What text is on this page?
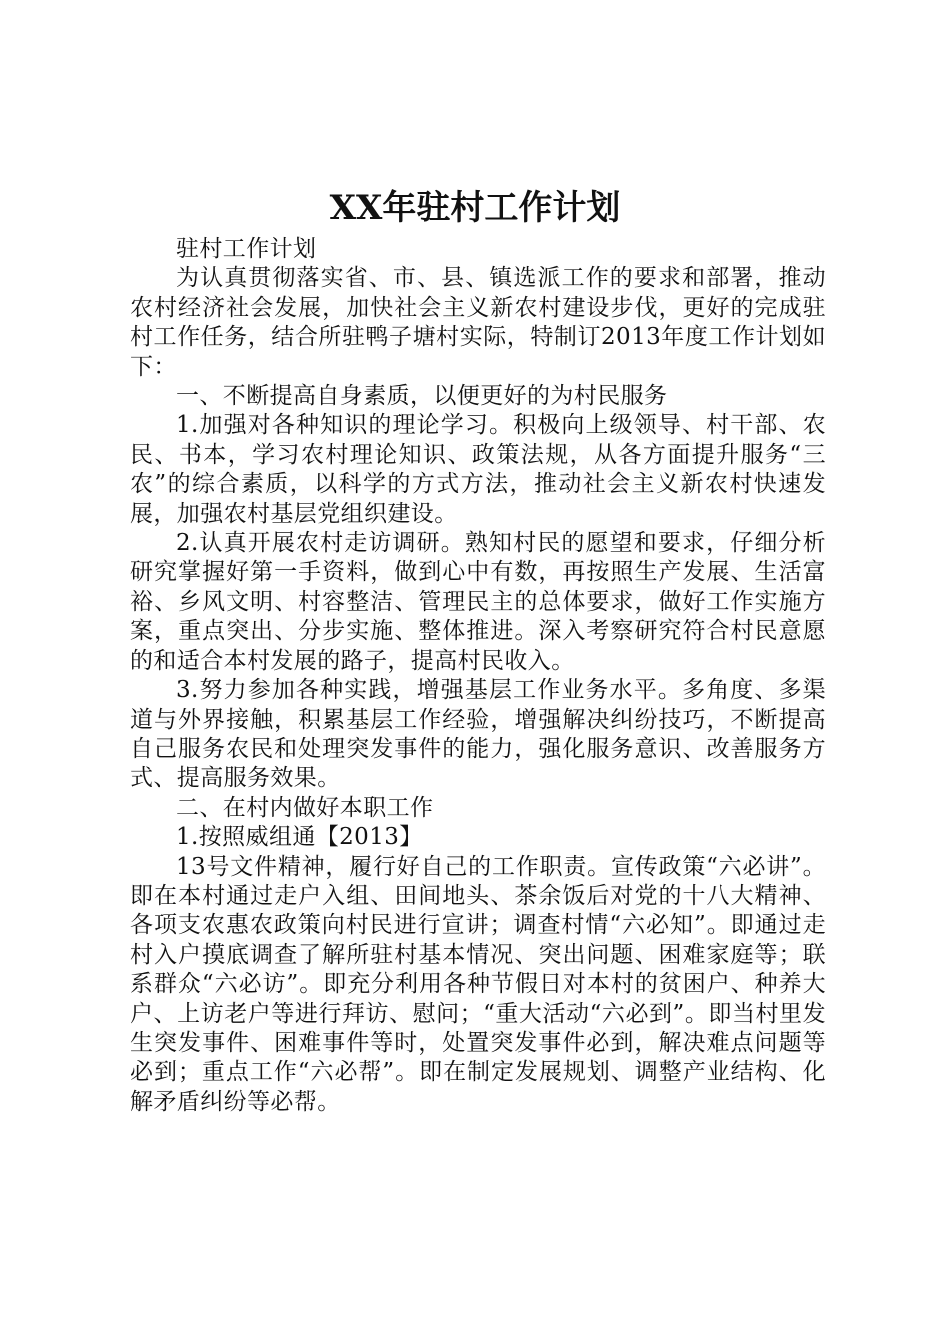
XX年驻村工作计划

驻村工作计划

为认真贯彻落实省、市、县、镇选派工作的要求和部署，推动农村经济社会发展，加快社会主义新农村建设步伐，更好的完成驻村工作任务，结合所驻鸭子塘村实际，特制订2013年度工作计划如下：

一、不断提高自身素质，以便更好的为村民服务

1.加强对各种知识的理论学习。积极向上级领导、村干部、农民、书本，学习农村理论知识、政策法规，从各方面提升服务“三农”的综合素质，以科学的方式方法，推动社会主义新农村快速发展，加强农村基层党组织建设。

2.认真开展农村走访调研。熟知村民的愿望和要求，仔细分析研究掌握好第一手资料，做到心中有数，再按照生产发展、生活富裕、乡风文明、村容整洁、管理民主的总体要求，做好工作实施方案，重点突出、分步实施、整体推进。深入考察研究符合村民意愿的和适合本村发展的路子，提高村民收入。

3.努力参加各种实践，增强基层工作业务水平。多角度、多渠道与外界接触，积累基层工作经验，增强解决纠纷技巧，不断提高自己服务农民和处理突发事件的能力，强化服务意识、改善服务方式、提高服务效果。

二、在村内做好本职工作

1.按照威组通【2013】

13号文件精神，履行好自己的工作职责。宣传政策“六必讲”。即在本村通过走户入组、田间地头、茶余饭后对党的十八大精神、各项支农惠农政策向村民进行宣讲；调查村情“六必知”。即通过走村入户摸底调查了解所驻村基本情况、突出问题、困难家庭等；联系群众“六必访”。即充分利用各种节假日对本村的贫困户、种养大户、上访老户等进行拜访、慰问；“重大活动“六必到”。即当村里发生突发事件、困难事件等时，处置突发事件必到，解决难点问题等必到；重点工作“六必帮”。即在制定发展规划、调整产业结构、化解矛盾纠纷等必帮。
